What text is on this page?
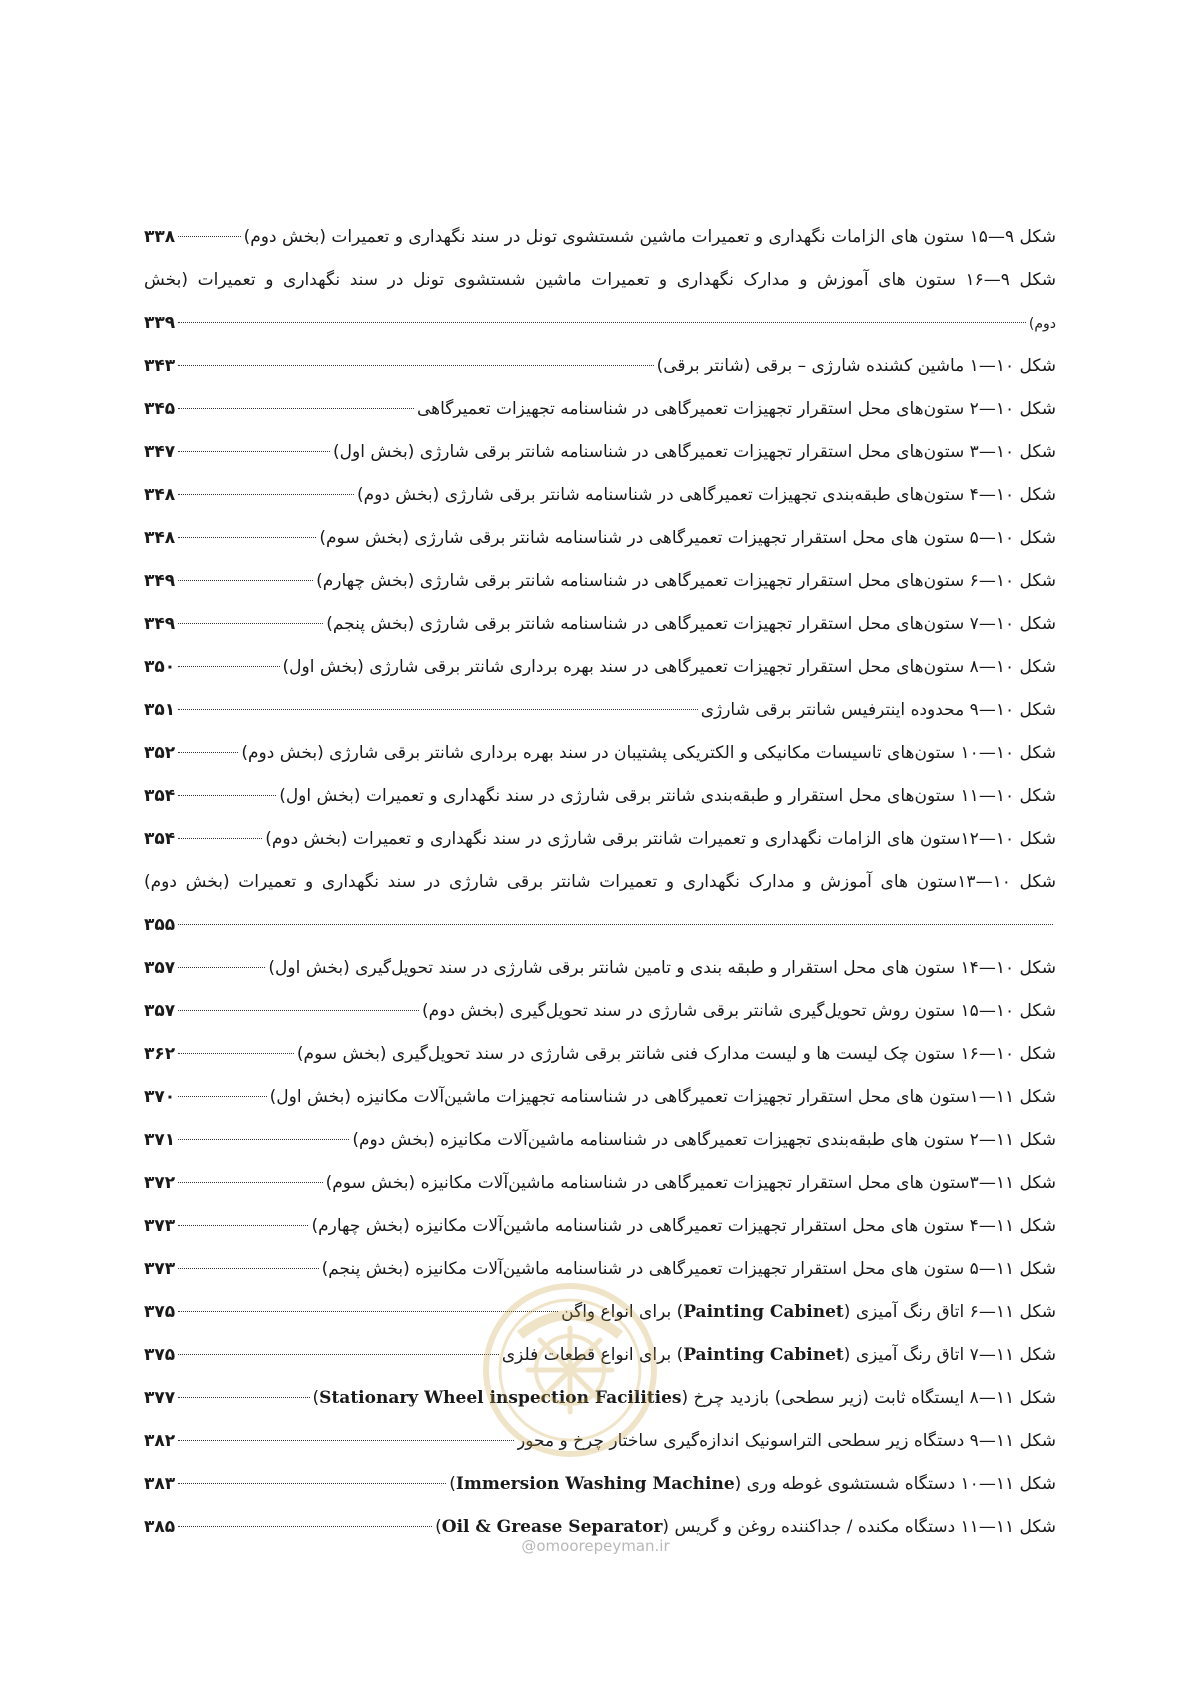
شکل ۹—۱۵ ستون های الزامات نگهداری و تعمیرات ماشین شستشوی تونل در سند نگهداری و تعمیرات (بخش دوم)
۳۳۸
شکل ۹—۱۶ ستون های آموزش و مدارک نگهداری و تعمیرات ماشین شستشوی تونل در سند نگهداری و تعمیرات (بخش
دوم)
۳۳۹
شکل ۱۰—۱ ماشین کشنده شارژی – برقی (شانتر برقی)
۳۴۳
شکل ۱۰—۲ ستون‌های محل استقرار تجهیزات تعمیرگاهی در شناسنامه تجهیزات تعمیرگاهی
۳۴۵
شکل ۱۰—۳ ستون‌های محل استقرار تجهیزات تعمیرگاهی در شناسنامه شانتر برقی شارژی (بخش اول)
۳۴۷
شکل ۱۰—۴ ستون‌های طبقه‌بندی تجهیزات تعمیرگاهی در شناسنامه شانتر برقی شارژی (بخش دوم)
۳۴۸
شکل ۱۰—۵ ستون های محل استقرار تجهیزات تعمیرگاهی در شناسنامه شانتر برقی شارژی (بخش سوم)
۳۴۸
شکل ۱۰—۶ ستون‌های محل استقرار تجهیزات تعمیرگاهی در شناسنامه شانتر برقی شارژی (بخش چهارم)
۳۴۹
شکل ۱۰—۷ ستون‌های محل استقرار تجهیزات تعمیرگاهی در شناسنامه شانتر برقی شارژی (بخش پنجم)
۳۴۹
شکل ۱۰—۸ ستون‌های محل استقرار تجهیزات تعمیرگاهی در سند بهره برداری شانتر برقی شارژی (بخش اول)
۳۵۰
شکل ۱۰—۹ محدوده اینترفیس شانتر برقی شارژی
۳۵۱
شکل ۱۰—۱۰ ستون‌های تاسیسات مکانیکی و الکتریکی پشتیبان در سند بهره برداری شانتر برقی شارژی (بخش دوم)
۳۵۲
شکل ۱۰—۱۱ ستون‌های محل استقرار و طبقه‌بندی شانتر برقی شارژی در سند نگهداری و تعمیرات (بخش اول)
۳۵۴
شکل ۱۰—۱۲ستون های الزامات نگهداری و تعمیرات شانتر برقی شارژی در سند نگهداری و تعمیرات (بخش دوم)
۳۵۴
شکل ۱۰—۱۳ستون های آموزش و مدارک نگهداری و تعمیرات شانتر برقی شارژی در سند نگهداری و تعمیرات (بخش دوم)
۳۵۵
شکل ۱۰—۱۴ ستون های محل استقرار و طبقه بندی و تامین شانتر برقی شارژی در سند تحویل‌گیری (بخش اول)
۳۵۷
شکل ۱۰—۱۵ ستون روش تحویل‌گیری شانتر برقی شارژی در سند تحویل‌گیری (بخش دوم)
۳۵۷
شکل ۱۰—۱۶ ستون چک لیست ها و لیست مدارک فنی شانتر برقی شارژی در سند تحویل‌گیری (بخش سوم)
۳۶۲
شکل ۱۱—۱ستون های محل استقرار تجهیزات تعمیرگاهی در شناسنامه تجهیزات ماشین‌آلات مکانیزه (بخش اول)
۳۷۰
شکل ۱۱—۲ ستون های طبقه‌بندی تجهیزات تعمیرگاهی در شناسنامه ماشین‌آلات مکانیزه (بخش دوم)
۳۷۱
شکل ۱۱—۳ستون های محل استقرار تجهیزات تعمیرگاهی در شناسنامه ماشین‌آلات مکانیزه (بخش سوم)
۳۷۲
شکل ۱۱—۴ ستون های محل استقرار تجهیزات تعمیرگاهی در شناسنامه ماشین‌آلات مکانیزه (بخش چهارم)
۳۷۳
شکل ۱۱—۵ ستون های محل استقرار تجهیزات تعمیرگاهی در شناسنامه ماشین‌آلات مکانیزه (بخش پنجم)
۳۷۳
شکل ۱۱—۶ اتاق رنگ آمیزی (Painting Cabinet) برای انواع واگن
۳۷۵
شکل ۱۱—۷ اتاق رنگ آمیزی (Painting Cabinet) برای انواع قطعات فلزی
۳۷۵
شکل ۱۱—۸ ایستگاه ثابت (زیر سطحی) بازدید چرخ (Stationary Wheel inspection Facilities)
۳۷۷
شکل ۱۱—۹ دستگاه زیر سطحی التراسونیک اندازه‌گیری ساختار چرخ و محور
۳۸۲
شکل ۱۱—۱۰ دستگاه شستشوی غوطه وری (Immersion Washing Machine)
۳۸۳
شکل ۱۱—۱۱ دستگاه مکنده / جداکننده روغن و گریس (Oil & Grease Separator)
۳۸۵
@omoorepeyman.ir
